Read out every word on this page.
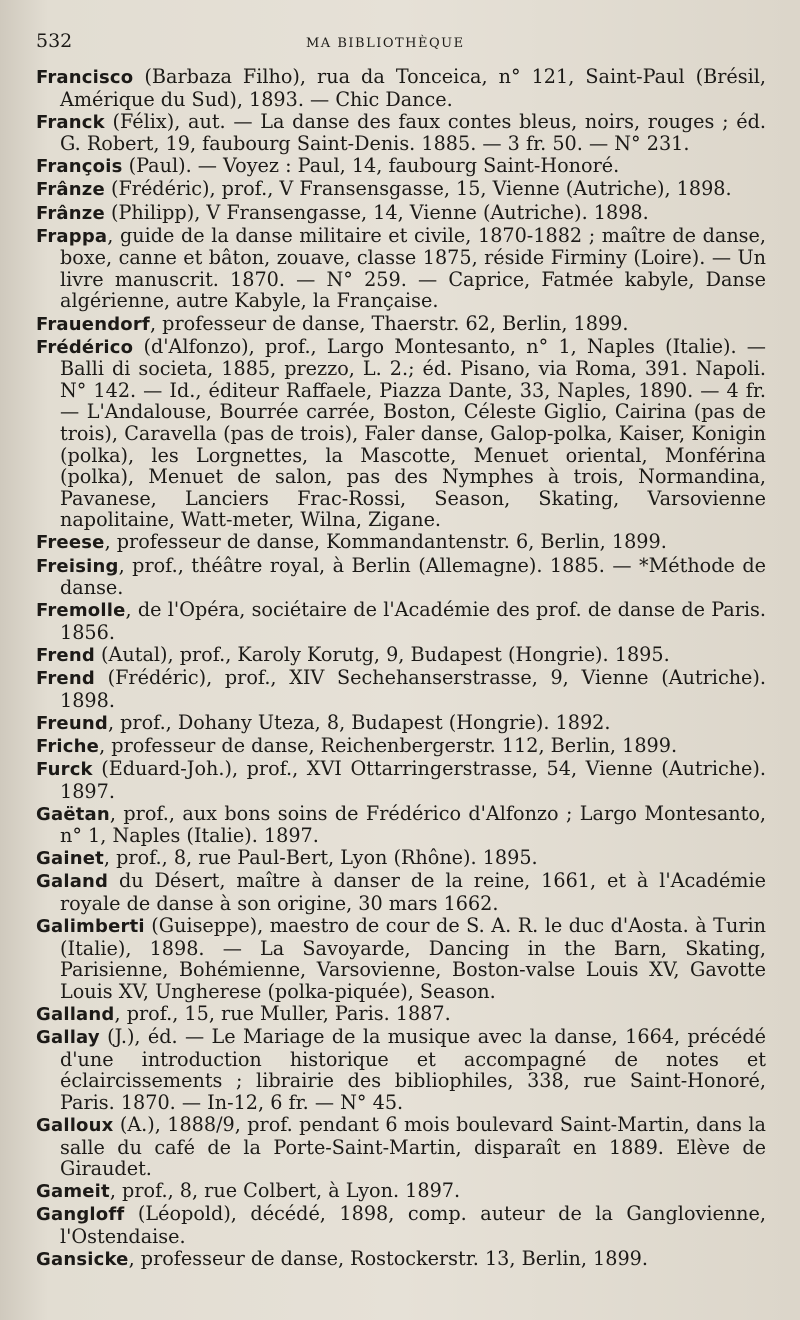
532	MA BIBLIOTHÈQUE

Francisco (Barbaza Filho), rua da Tonceica, n° 121, Saint-Paul (Brésil, Amérique du Sud), 1893. — Chic Dance.

Franck (Félix), aut. — La danse des faux contes bleus, noirs, rouges ; éd. G. Robert, 19, faubourg Saint-Denis. 1885. — 3 fr. 50. — N° 231.

François (Paul). — Voyez : Paul, 14, faubourg Saint-Honoré.

Frânze (Frédéric), prof., V Fransensgasse, 15, Vienne (Autriche), 1898.

Frânze (Philipp), V Fransengasse, 14, Vienne (Autriche). 1898.

Frappa, guide de la danse militaire et civile, 1870-1882 ; maître de danse, boxe, canne et bâton, zouave, classe 1875, réside Firminy (Loire). — Un livre manuscrit. 1870. — N° 259. — Caprice, Fatmée kabyle, Danse algérienne, autre Kabyle, la Française.

Frauendorf, professeur de danse, Thaerstr. 62, Berlin, 1899.

Frédérico (d'Alfonzo), prof., Largo Montesanto, n° 1, Naples (Italie). — Balli di societa, 1885, prezzo, L. 2.; éd. Pisano, via Roma, 391. Napoli. N° 142. — Id., éditeur Raffaele, Piazza Dante, 33, Naples, 1890. — 4 fr. — L'Andalouse, Bourrée carrée, Boston, Céleste Giglio, Cairina (pas de trois), Caravella (pas de trois), Faler danse, Galop-polka, Kaiser, Konigin (polka), les Lorgnettes, la Mascotte, Menuet oriental, Monférina (polka), Menuet de salon, pas des Nymphes à trois, Normandina, Pavanese, Lanciers Frac-Rossi, Season, Skating, Varsovienne napolitaine, Watt-meter, Wilna, Zigane.

Freese, professeur de danse, Kommandantenstr. 6, Berlin, 1899.

Freising, prof., théâtre royal, à Berlin (Allemagne). 1885. — *Méthode de danse.

Fremolle, de l'Opéra, sociétaire de l'Académie des prof. de danse de Paris. 1856.

Frend (Autal), prof., Karoly Korutg, 9, Budapest (Hongrie). 1895.

Frend (Frédéric), prof., XIV Sechehanserstrasse, 9, Vienne (Autriche). 1898.

Freund, prof., Dohany Uteza, 8, Budapest (Hongrie). 1892.

Friche, professeur de danse, Reichenbergerstr. 112, Berlin, 1899.

Furck (Eduard-Joh.), prof., XVI Ottarringerstrasse, 54, Vienne (Autriche). 1897.

Gaëtan, prof., aux bons soins de Frédérico d'Alfonzo ; Largo Montesanto, n° 1, Naples (Italie). 1897.

Gainet, prof., 8, rue Paul-Bert, Lyon (Rhône). 1895.

Galand du Désert, maître à danser de la reine, 1661, et à l'Académie royale de danse à son origine, 30 mars 1662.

Galimberti (Guiseppe), maestro de cour de S. A. R. le duc d'Aosta. à Turin (Italie), 1898. — La Savoyarde, Dancing in the Barn, Skating, Parisienne, Bohémienne, Varsovienne, Boston-valse Louis XV, Gavotte Louis XV, Ungherese (polka-piquée), Season.

Galland, prof., 15, rue Muller, Paris. 1887.

Gallay (J.), éd. — Le Mariage de la musique avec la danse, 1664, précédé d'une introduction historique et accompagné de notes et éclaircissements ; librairie des bibliophiles, 338, rue Saint-Honoré, Paris. 1870. — In-12, 6 fr. — N° 45.

Galloux (A.), 1888/9, prof. pendant 6 mois boulevard Saint-Martin, dans la salle du café de la Porte-Saint-Martin, disparaît en 1889. Elève de Giraudet.

Gameit, prof., 8, rue Colbert, à Lyon. 1897.

Gangloff (Léopold), décédé, 1898, comp. auteur de la Ganglovienne, l'Ostendaise.

Gansicke, professeur de danse, Rostockerstr. 13, Berlin, 1899.
